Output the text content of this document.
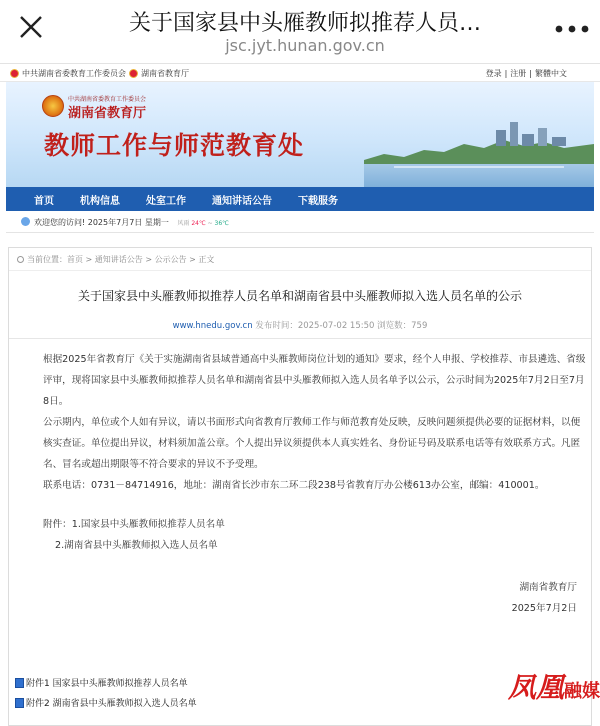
关于国家县中头雁教师拟推荐人员…
jsc.jyt.hunan.gov.cn
中共湖南省委教育工作委员会 湖南省教育厅	登录 | 注册 | 繁體中文
中共湖南省委教育工作委员会
湖南省教育厅
教师工作与师范教育处
首页	机构信息	处室工作	通知讲话公告	下载服务
欢迎您的访问! 2025年7月7日 星期一 风雨 24℃ ~ 36℃
当前位置：首页 > 通知讲话公告 > 公示公告 > 正文
关于国家县中头雁教师拟推荐人员名单和湖南省县中头雁教师拟入选人员名单的公示
www.hnedu.gov.cn 发布时间：2025-07-02 15:50 浏览数：759

根据2025年省教育厅《关于实施湖南省县域普通高中头雁教师岗位计划的通知》要求，经个人申报、学校推荐、市县遴选、省级评审，现将国家县中头雁教师拟推荐人员名单和湖南省县中头雁教师拟入选人员名单予以公示，公示时间为2025年7月2日至7月8日。

公示期内，单位或个人如有异议，请以书面形式向省教育厅教师工作与师范教育处反映，反映问题须提供必要的证据材料，以便核实查证。单位提出异议，材料须加盖公章。个人提出异议须提供本人真实姓名、身份证号码及联系电话等有效联系方式。凡匿名、冒名或超出期限等不符合要求的异议不予受理。

联系电话：0731－84714916，地址：湖南省长沙市东二环二段238号省教育厅办公楼613办公室，邮编：410001。

附件：1.国家县中头雁教师拟推荐人员名单

2.湖南省县中头雁教师拟入选人员名单

湖南省教育厅
2025年7月2日
附件1 国家县中头雁教师拟推荐人员名单
附件2 湖南省县中头雁教师拟入选人员名单	凤凰融媒
